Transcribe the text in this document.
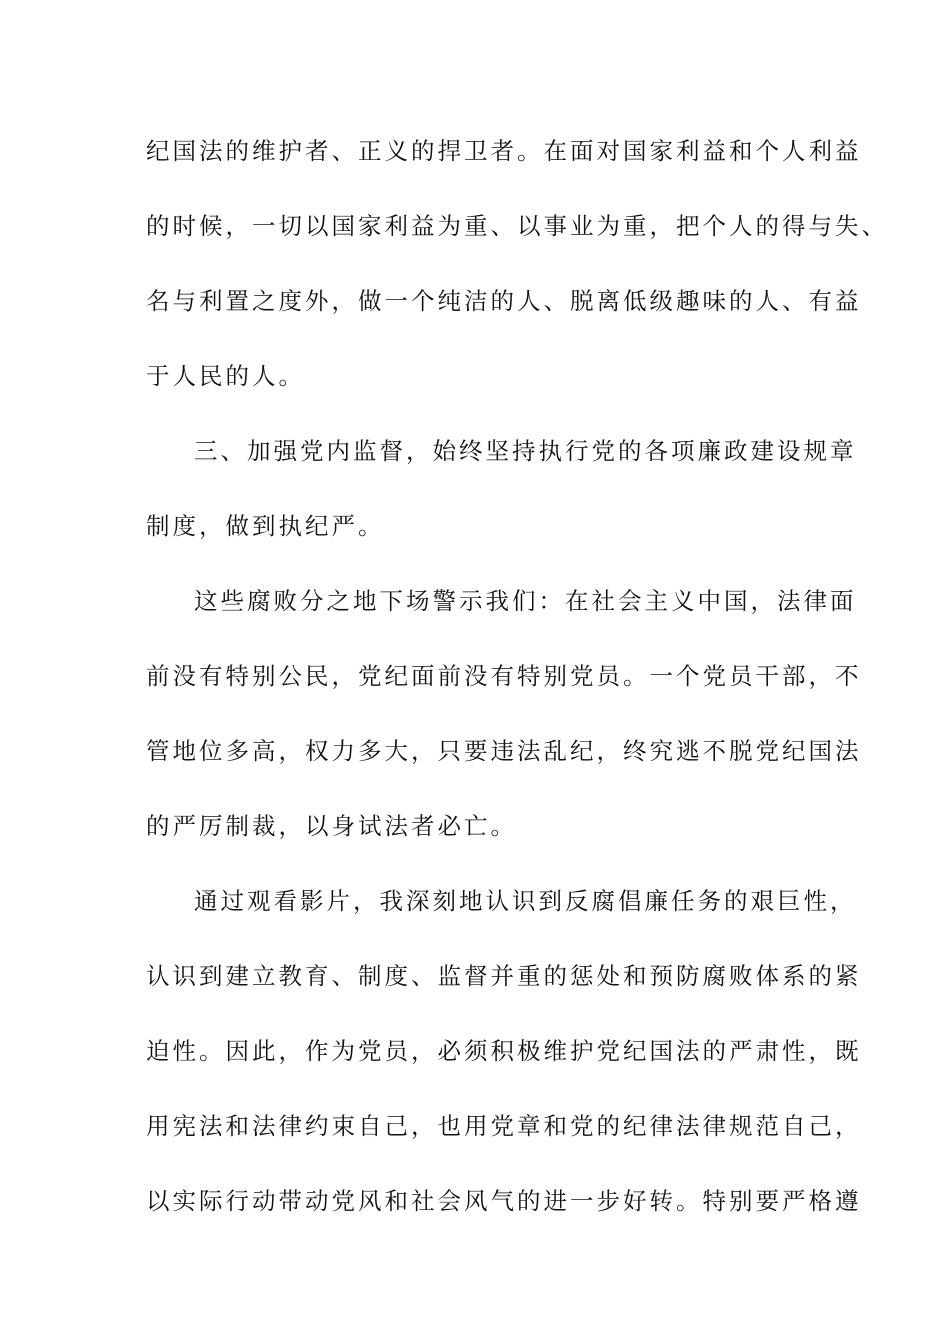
纪国法的维护者、正义的捍卫者。在面对国家利益和个人利益
的时候，一切以国家利益为重、以事业为重，把个人的得与失、
名与利置之度外，做一个纯洁的人、脱离低级趣味的人、有益
于人民的人。
三、加强党内监督，始终坚持执行党的各项廉政建设规章
制度，做到执纪严。
这些腐败分之地下场警示我们：在社会主义中国，法律面
前没有特别公民，党纪面前没有特别党员。一个党员干部，不
管地位多高，权力多大，只要违法乱纪，终究逃不脱党纪国法
的严厉制裁，以身试法者必亡。
通过观看影片，我深刻地认识到反腐倡廉任务的艰巨性，
认识到建立教育、制度、监督并重的惩处和预防腐败体系的紧
迫性。因此，作为党员，必须积极维护党纪国法的严肃性，既
用宪法和法律约束自己，也用党章和党的纪律法律规范自己，
以实际行动带动党风和社会风气的进一步好转。特别要严格遵
